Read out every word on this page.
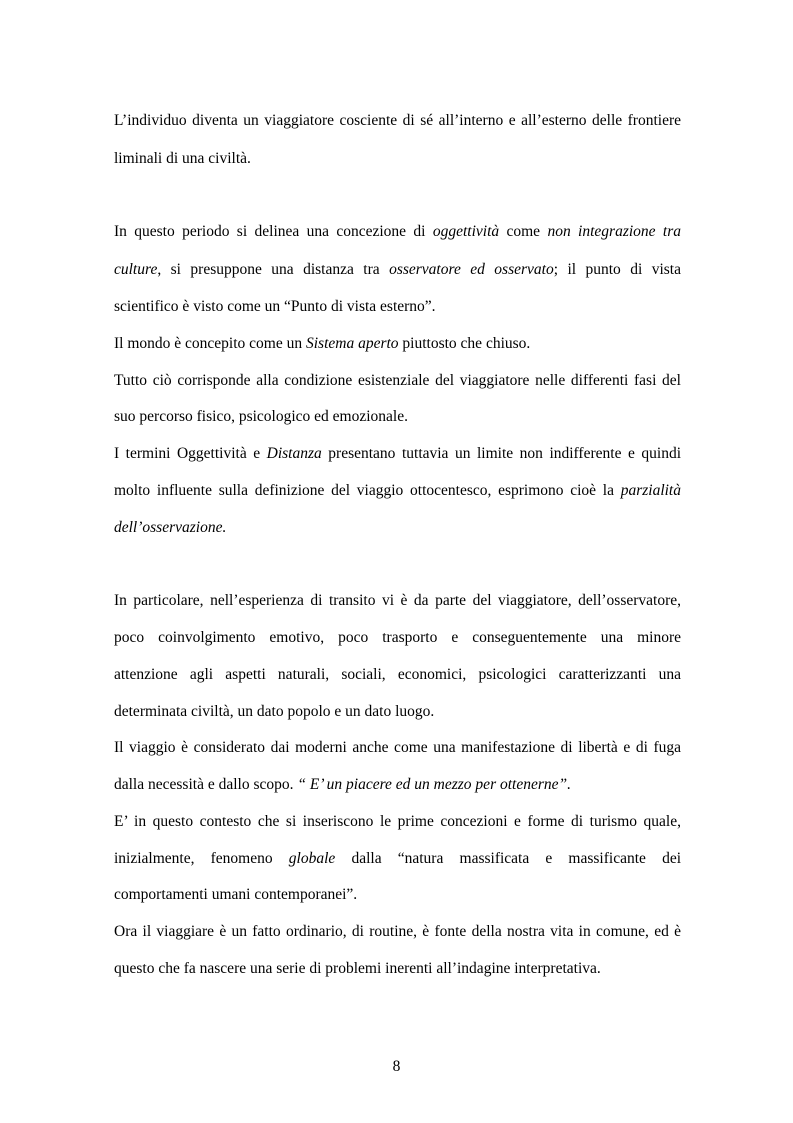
L’individuo diventa un viaggiatore cosciente di sé all’interno e all’esterno delle frontiere
liminali di una civiltà.
In questo periodo si delinea una concezione di oggettività come non integrazione tra
culture, si presuppone una distanza tra osservatore ed osservato; il punto di vista
scientifico è visto come un “Punto di vista esterno”.
Il mondo è concepito come un Sistema aperto piuttosto che chiuso.
Tutto ciò corrisponde alla condizione esistenziale del viaggiatore nelle differenti fasi del
suo percorso fisico, psicologico ed emozionale.
I termini Oggettività e Distanza presentano tuttavia un limite non indifferente e quindi
molto influente sulla definizione del viaggio ottocentesco, esprimono cioè la parzialità
dell’osservazione.
In particolare, nell’esperienza di transito vi è da parte del viaggiatore, dell’osservatore,
poco coinvolgimento emotivo, poco trasporto e conseguentemente una minore
attenzione agli aspetti naturali, sociali, economici, psicologici caratterizzanti una
determinata civiltà, un dato popolo e un dato luogo.
Il viaggio è considerato dai moderni anche come una manifestazione di libertà e di fuga
dalla necessità e dallo scopo. “ E’ un piacere ed un mezzo per ottenerne”.
E’ in questo contesto che si inseriscono le prime concezioni e forme di turismo quale,
inizialmente, fenomeno globale dalla “natura massificata e massificante dei
comportamenti umani contemporanei”.
Ora il viaggiare è un fatto ordinario, di routine, è fonte della nostra vita in comune, ed è
questo che fa nascere una serie di problemi inerenti all’indagine interpretativa.
8
